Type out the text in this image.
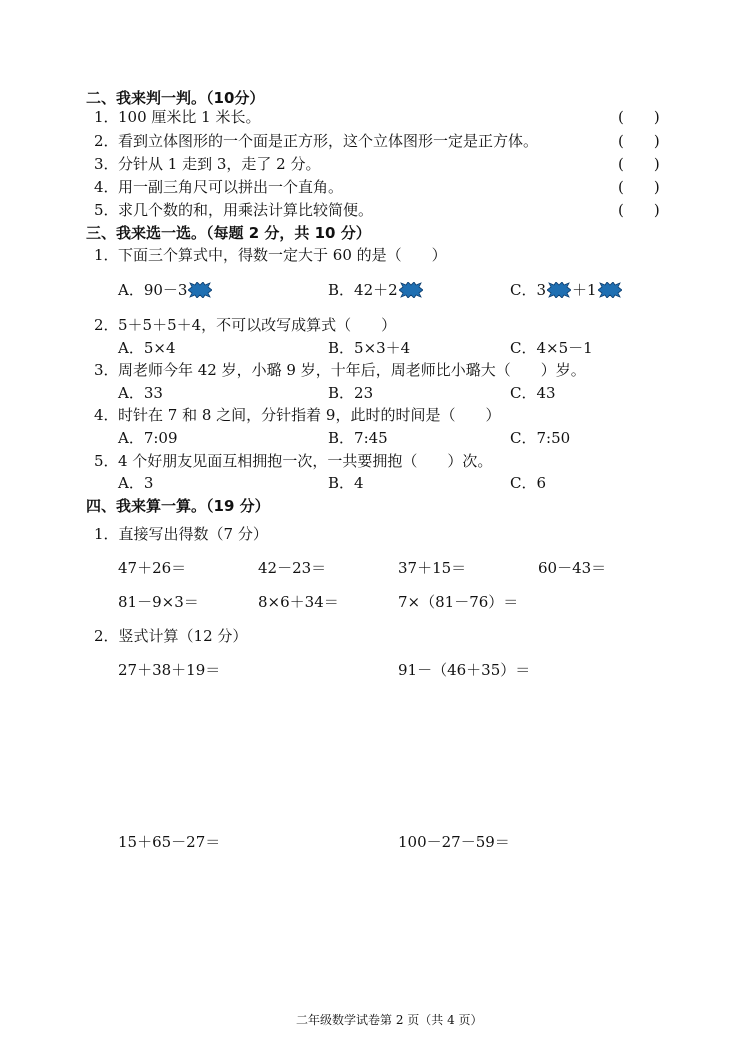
二、我来判一判。（10分）
1． 100 厘米比 1 米长。	(　　)
2． 看到立体图形的一个面是正方形，这个立体图形一定是正方体。	(　　)
3． 分针从 1 走到 3，走了 2 分。	(　　)
4． 用一副三角尺可以拼出一个直角。	(　　)
5． 求几个数的和，用乘法计算比较简便。	(　　)
三、我来选一选。（每题 2 分，共 10 分）
1． 下面三个算式中，得数一定大于 60 的是（　　）
A．90－3	B．42＋2	C．3 ＋1
2． 5＋5＋5＋4，不可以改写成算式（　　）
A．5×4	B．5×3＋4	C．4×5－1
3． 周老师今年 42 岁，小璐 9 岁，十年后，周老师比小璐大（　　）岁。
A．33	B．23	C．43
4． 时针在 7 和 8 之间，分针指着 9，此时的时间是（　　）
A．7:09	B．7:45	C．7:50
5． 4 个好朋友见面互相拥抱一次，一共要拥抱（　　）次。
A．3	B．4	C．6
四、我来算一算。（19 分）
1．直接写出得数（7 分）
47＋26＝	42－23＝	37＋15＝	60－43＝
81－9×3＝	8×6＋34＝	7×（81－76）＝
2．竖式计算（12 分）
27＋38＋19＝	91－（46＋35）＝
15＋65－27＝	100－27－59＝
二年级数学试卷第 2 页（共 4 页）
